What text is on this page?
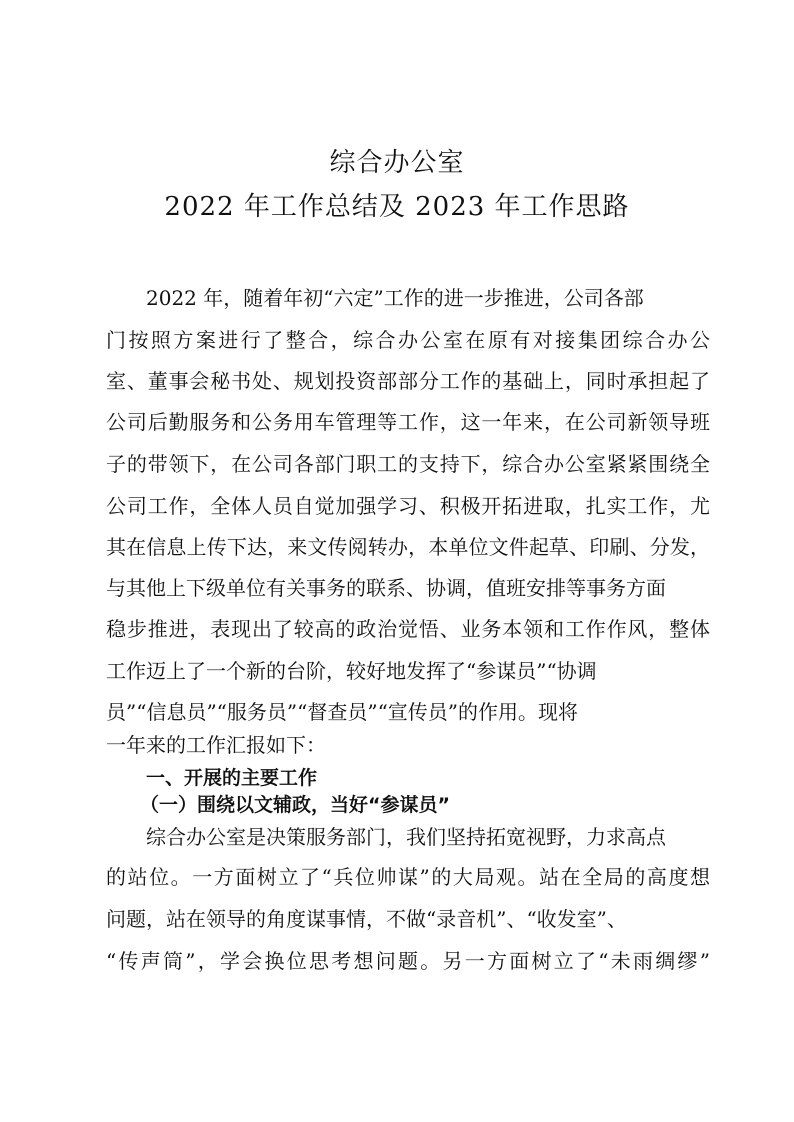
综合办公室
2022 年工作总结及 2023 年工作思路

2022 年，随着年初“六定”工作的进一步推进，公司各部

门按照方案进行了整合，综合办公室在原有对接集团综合办公

室、董事会秘书处、规划投资部部分工作的基础上，同时承担起了

公司后勤服务和公务用车管理等工作，这一年来，在公司新领导班

子的带领下，在公司各部门职工的支持下，综合办公室紧紧围绕全

公司工作，全体人员自觉加强学习、积极开拓进取，扎实工作，尤

其在信息上传下达，来文传阅转办，本单位文件起草、印刷、分发，

与其他上下级单位有关事务的联系、协调，值班安排等事务方面

稳步推进，表现出了较高的政治觉悟、业务本领和工作作风，整体

工作迈上了一个新的台阶，较好地发挥了“参谋员”“协调

员”“信息员”“服务员”“督查员”“宣传员”的作用。现将

一年来的工作汇报如下：

一、开展的主要工作
（一）围绕以文辅政，当好“参谋员”

综合办公室是决策服务部门，我们坚持拓宽视野，力求高点

的站位。一方面树立了“兵位帅谋”的大局观。站在全局的高度想

问题，站在领导的角度谋事情，不做“录音机”、“收发室”、

“传声筒”，学会换位思考想问题。另一方面树立了“未雨绸缪”
